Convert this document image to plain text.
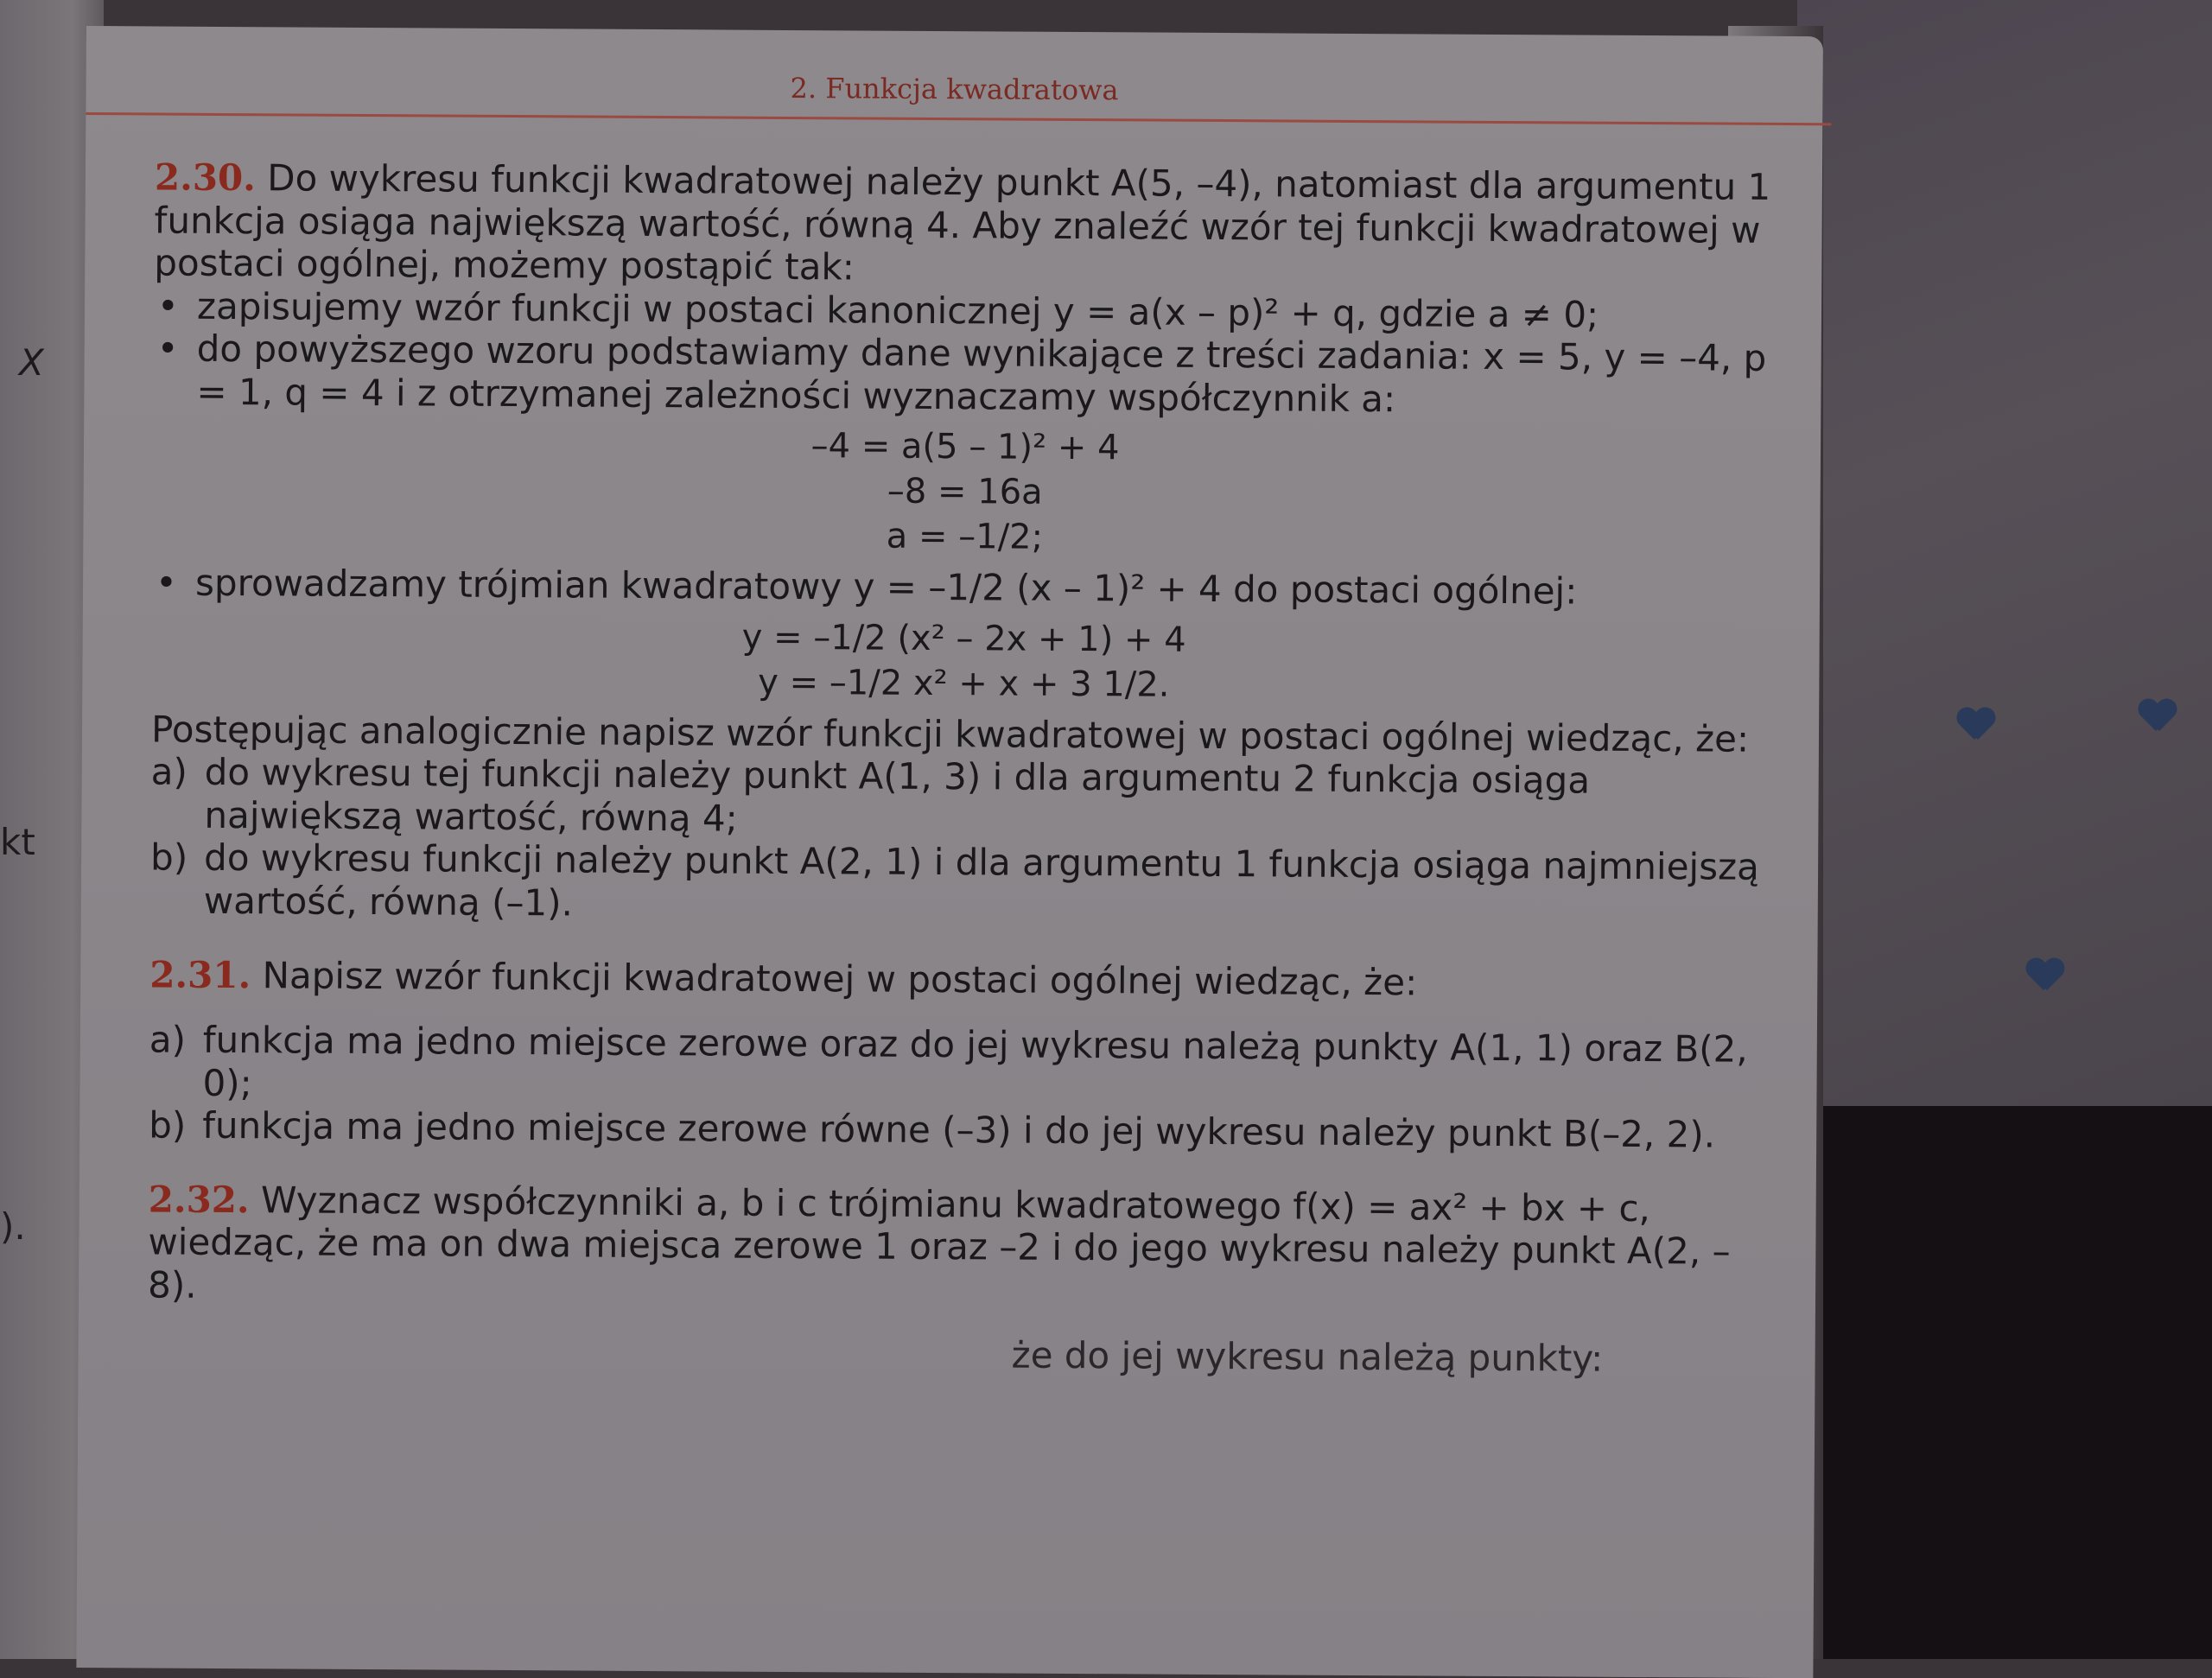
X
kt
).
2. Funkcja kwadratowa

2.30. Do wykresu funkcji kwadratowej należy punkt A(5, –4), natomiast dla argumentu 1 funkcja osiąga największą wartość, równą 4. Aby znaleźć wzór tej funkcji kwadratowej w postaci ogólnej, możemy postąpić tak:

• zapisujemy wzór funkcji w postaci kanonicznej y = a(x – p)² + q, gdzie a ≠ 0;

• do powyższego wzoru podstawiamy dane wynikające z treści zadania: x = 5, y = –4, p = 1, q = 4 i z otrzymanej zależności wyznaczamy współczynnik a:

–4 = a(5 – 1)² + 4
–8 = 16a
a = –1/2;

• sprowadzamy trójmian kwadratowy y = –1/2 (x – 1)² + 4 do postaci ogólnej:

y = –1/2 (x² – 2x + 1) + 4
y = –1/2 x² + x + 3 1/2.

Postępując analogicznie napisz wzór funkcji kwadratowej w postaci ogólnej wiedząc, że:

a) do wykresu tej funkcji należy punkt A(1, 3) i dla argumentu 2 funkcja osiąga największą wartość, równą 4;

b) do wykresu funkcji należy punkt A(2, 1) i dla argumentu 1 funkcja osiąga najmniejszą wartość, równą (–1).

2.31. Napisz wzór funkcji kwadratowej w postaci ogólnej wiedząc, że:

a) funkcja ma jedno miejsce zerowe oraz do jej wykresu należą punkty A(1, 1) oraz B(2, 0);

b) funkcja ma jedno miejsce zerowe równe (–3) i do jej wykresu należy punkt B(–2, 2).

2.32. Wyznacz współczynniki a, b i c trójmianu kwadratowego f(x) = ax² + bx + c, wiedząc, że ma on dwa miejsca zerowe 1 oraz –2 i do jego wykresu należy punkt A(2, –8).

że do jej wykresu należą punkty:
